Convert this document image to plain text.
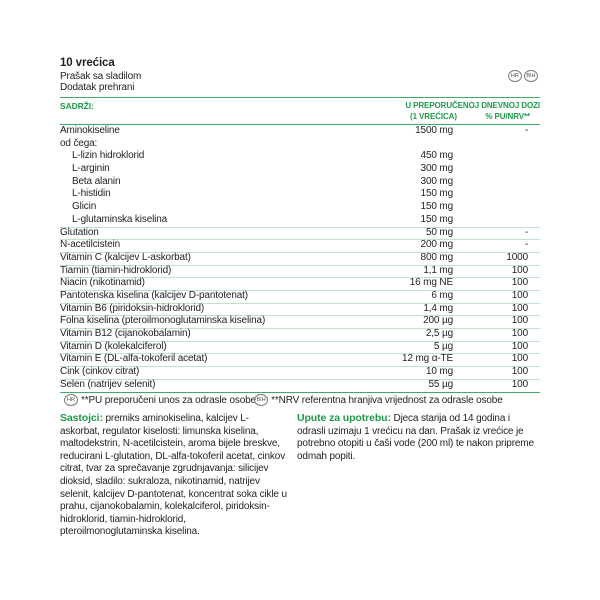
10 vrećica
Prašak sa sladilom
Dodatak prehrani
HR	BIH
SADRŽI:	U PREPORUČENOJ DNEVNOJ DOZI
(1 VREĆICA)	% PU/NRV**
Aminokiseline	1500 mg	-
od čega:
L-lizin hidroklorid	450 mg
L-arginin	300 mg
Beta alanin	300 mg
L-histidin	150 mg
Glicin	150 mg
L-glutaminska kiselina	150 mg
Glutation	50 mg	-
N-acetilcistein	200 mg	-
Vitamin C (kalcijev L-askorbat)	800 mg	1000
Tiamin (tiamin-hidroklorid)	1,1 mg	100
Niacin (nikotinamid)	16 mg NE	100
Pantotenska kiselina (kalcijev D-pantotenat)	6 mg	100
Vitamin B6 (piridoksin-hidroklorid)	1,4 mg	100
Folna kiselina (pteroilmonoglutaminska kiselina)	200 µg	100
Vitamin B12 (cijanokobalamin)	2,5 µg	100
Vitamin D (kolekalciferol)	5 µg	100
Vitamin E (DL-alfa-tokoferil acetat)	12 mg α-TE	100
Cink (cinkov citrat)	10 mg	100
Selen (natrijev selenit)	55 µg	100
HR **PU preporučeni unos za odrasle osobe BIH **NRV referentna hranjiva vrijednost za odrasle osobe

Sastojci: premiks aminokiselina, kalcijev L-askorbat, regulator kiselosti: limunska kiselina, maltodekstrin, N-acetilcistein, aroma bijele breskve, reducirani L-glutation, DL-alfa-tokoferil acetat, cinkov citrat, tvar za sprečavanje zgrudnjavanja: silicijev dioksid, sladilo: sukraloza, nikotinamid, natrijev selenit, kalcijev D-pantotenat, koncentrat soka cikle u prahu, cijanokobalamin, kolekalciferol, piridoksin-hidroklorid, tiamin-hidroklorid, pteroilmonoglutaminska kiselina.

Upute za upotrebu: Djeca starija od 14 godina i odrasli uzimaju 1 vrećicu na dan. Prašak iz vrećice je potrebno otopiti u čaši vode (200 ml) te nakon pripreme odmah popiti.
